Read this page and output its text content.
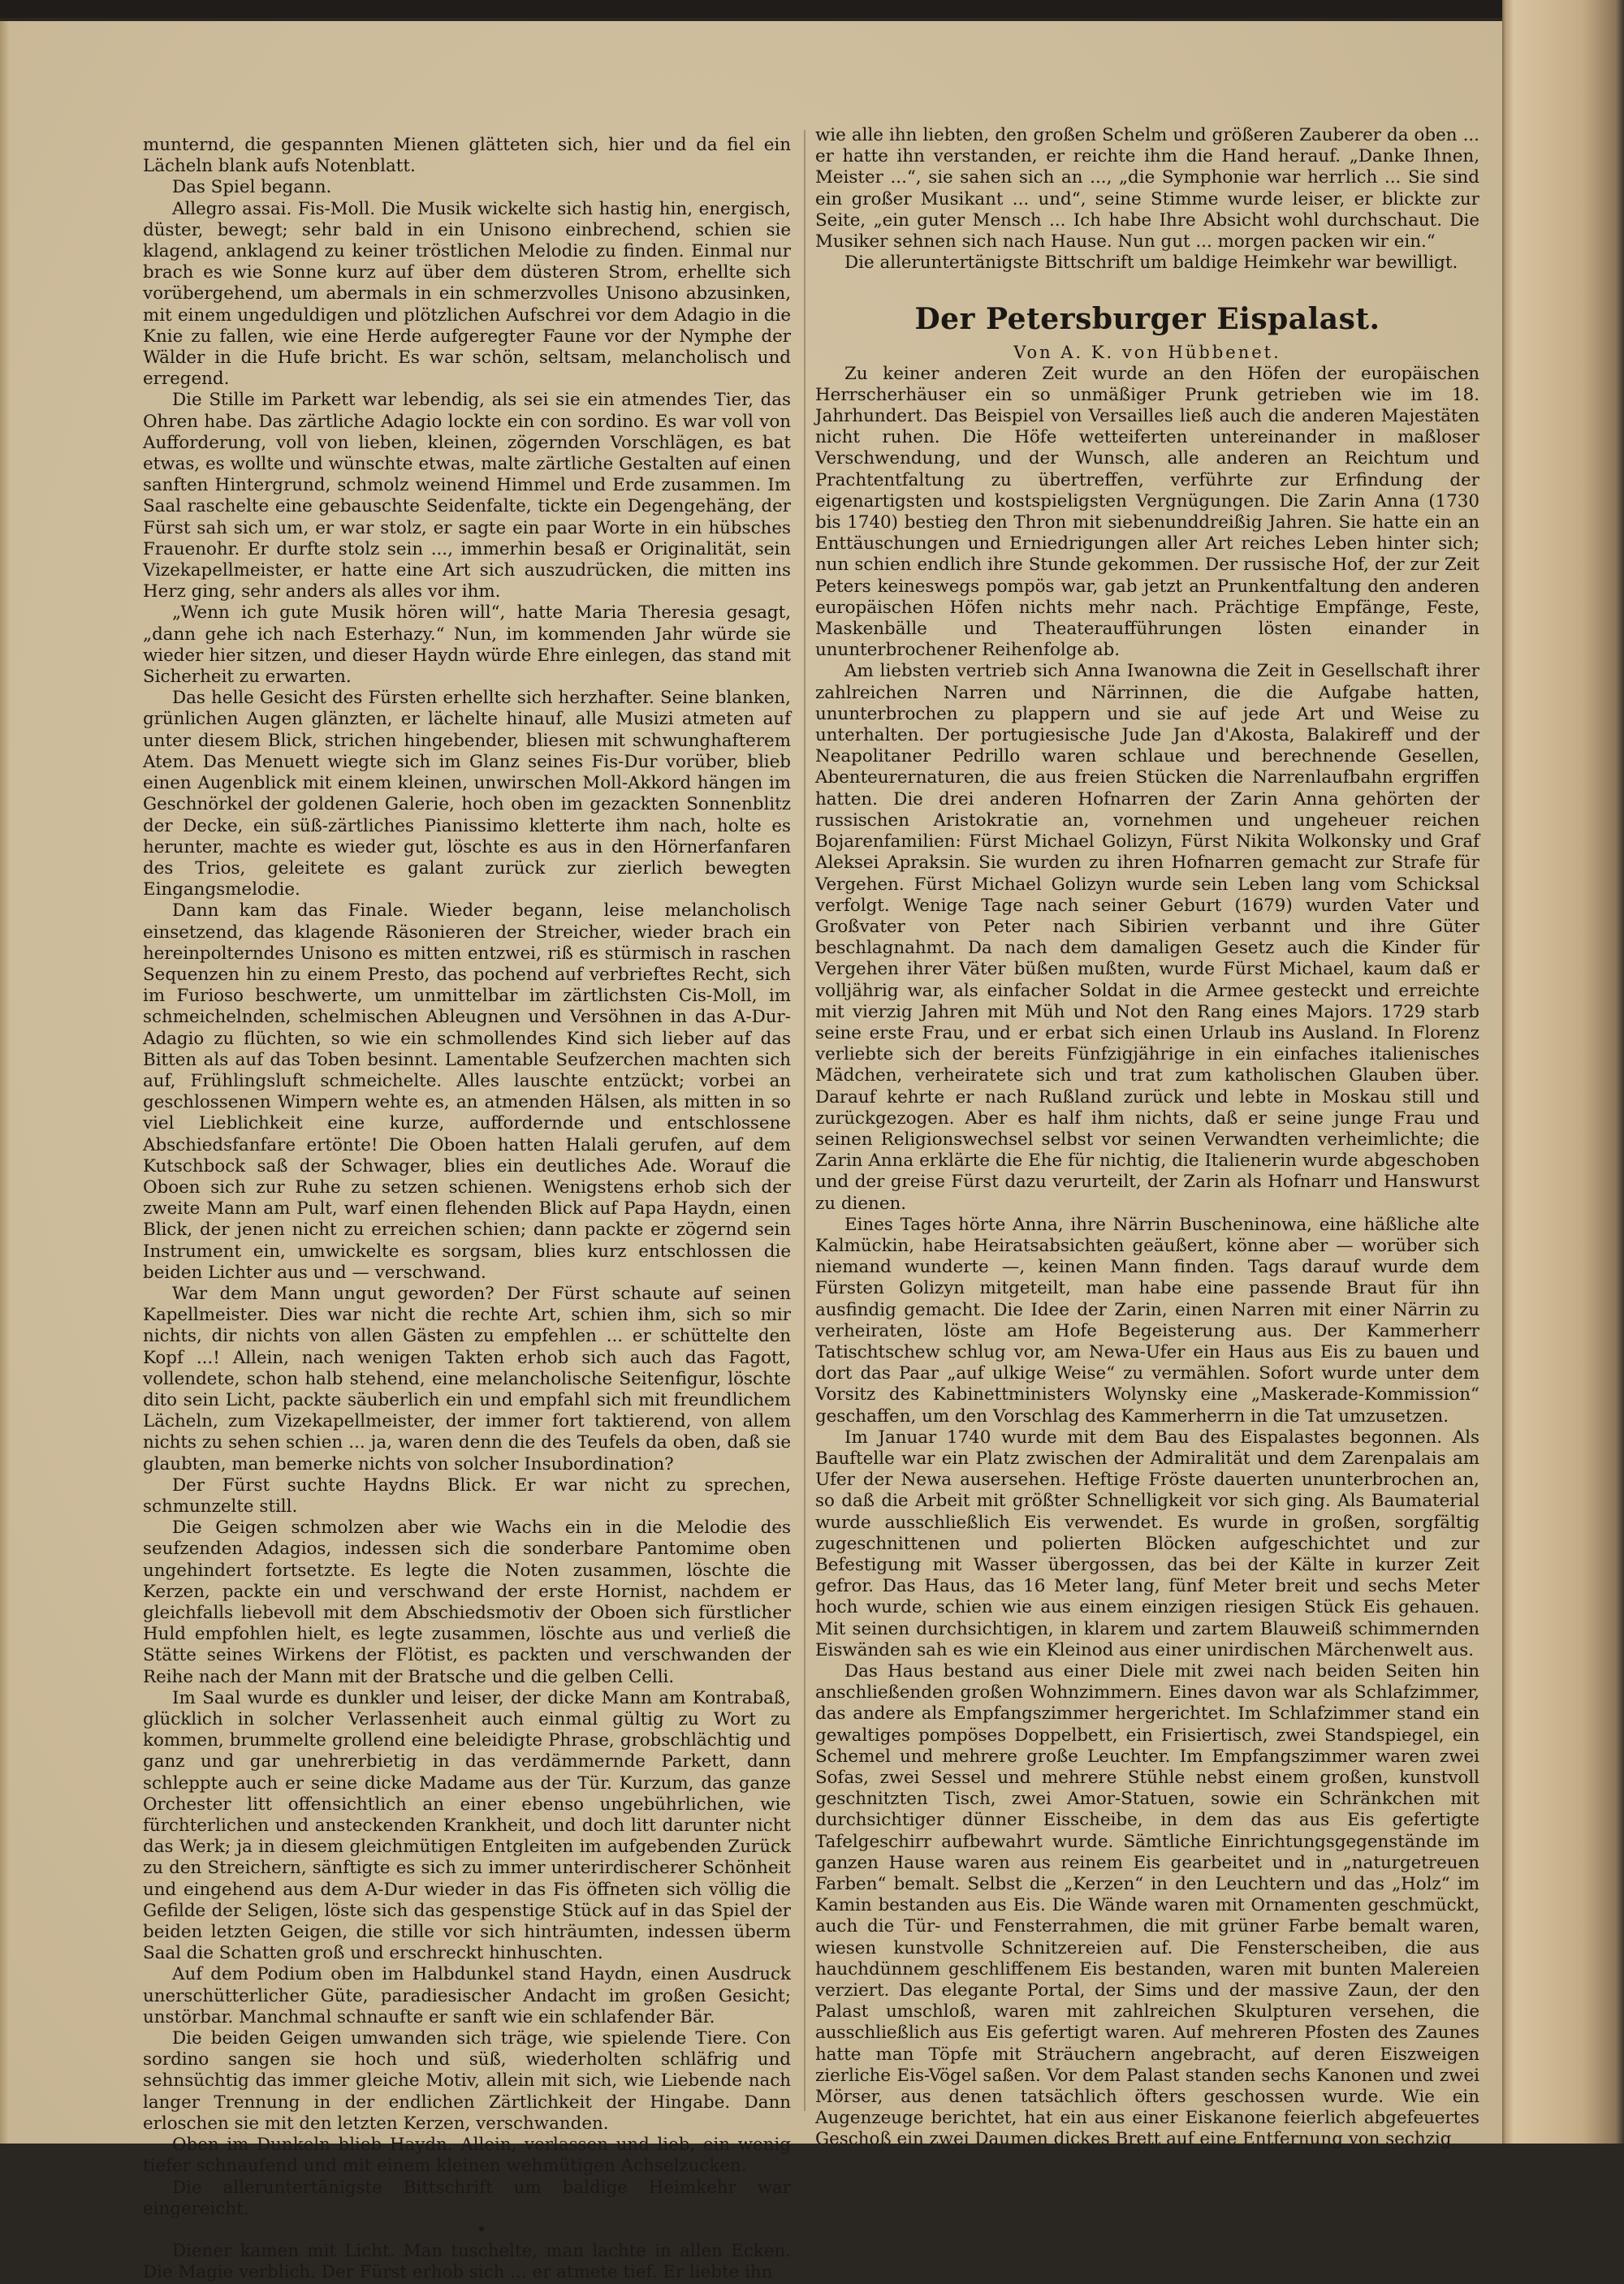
munternd, die gespannten Mienen glätteten sich, hier und da fiel ein Lächeln blank aufs Notenblatt.

Das Spiel begann.

Allegro assai. Fis-Moll. Die Musik wickelte sich hastig hin, energisch, düster, bewegt; sehr bald in ein Unisono einbrechend, schien sie klagend, anklagend zu keiner tröstlichen Melodie zu finden. Einmal nur brach es wie Sonne kurz auf über dem düsteren Strom, erhellte sich vorübergehend, um abermals in ein schmerzvolles Unisono abzusinken, mit einem ungeduldigen und plötzlichen Aufschrei vor dem Adagio in die Knie zu fallen, wie eine Herde aufgeregter Faune vor der Nymphe der Wälder in die Hufe bricht. Es war schön, seltsam, melancholisch und erregend.

Die Stille im Parkett war lebendig, als sei sie ein atmendes Tier, das Ohren habe. Das zärtliche Adagio lockte ein con sordino. Es war voll von Aufforderung, voll von lieben, kleinen, zögernden Vorschlägen, es bat etwas, es wollte und wünschte etwas, malte zärtliche Gestalten auf einen sanften Hintergrund, schmolz weinend Himmel und Erde zusammen. Im Saal raschelte eine gebauschte Seidenfalte, tickte ein Degengehäng, der Fürst sah sich um, er war stolz, er sagte ein paar Worte in ein hübsches Frauenohr. Er durfte stolz sein ..., immerhin besaß er Originalität, sein Vizekapellmeister, er hatte eine Art sich auszudrücken, die mitten ins Herz ging, sehr anders als alles vor ihm.

„Wenn ich gute Musik hören will“, hatte Maria Theresia gesagt, „dann gehe ich nach Esterhazy.“ Nun, im kommenden Jahr würde sie wieder hier sitzen, und dieser Haydn würde Ehre einlegen, das stand mit Sicherheit zu erwarten.

Das helle Gesicht des Fürsten erhellte sich herzhafter. Seine blanken, grünlichen Augen glänzten, er lächelte hinauf, alle Musizi atmeten auf unter diesem Blick, strichen hingebender, bliesen mit schwunghafterem Atem. Das Menuett wiegte sich im Glanz seines Fis-Dur vorüber, blieb einen Augenblick mit einem kleinen, unwirschen Moll-Akkord hängen im Geschnörkel der goldenen Galerie, hoch oben im gezackten Sonnenblitz der Decke, ein süß-zärtliches Pianissimo kletterte ihm nach, holte es herunter, machte es wieder gut, löschte es aus in den Hörnerfanfaren des Trios, geleitete es galant zurück zur zierlich bewegten Eingangsmelodie.

Dann kam das Finale. Wieder begann, leise melancholisch einsetzend, das klagende Räsonieren der Streicher, wieder brach ein hereinpolterndes Unisono es mitten entzwei, riß es stürmisch in raschen Sequenzen hin zu einem Presto, das pochend auf verbrieftes Recht, sich im Furioso beschwerte, um unmittelbar im zärtlichsten Cis-Moll, im schmeichelnden, schelmischen Ableugnen und Versöhnen in das A-Dur-Adagio zu flüchten, so wie ein schmollendes Kind sich lieber auf das Bitten als auf das Toben besinnt. Lamentable Seufzerchen machten sich auf, Frühlingsluft schmeichelte. Alles lauschte entzückt; vorbei an geschlossenen Wimpern wehte es, an atmenden Hälsen, als mitten in so viel Lieblichkeit eine kurze, auffordernde und entschlossene Abschiedsfanfare ertönte! Die Oboen hatten Halali gerufen, auf dem Kutschbock saß der Schwager, blies ein deutliches Ade. Worauf die Oboen sich zur Ruhe zu setzen schienen. Wenigstens erhob sich der zweite Mann am Pult, warf einen flehenden Blick auf Papa Haydn, einen Blick, der jenen nicht zu erreichen schien; dann packte er zögernd sein Instrument ein, umwickelte es sorgsam, blies kurz entschlossen die beiden Lichter aus und — verschwand.

War dem Mann ungut geworden? Der Fürst schaute auf seinen Kapellmeister. Dies war nicht die rechte Art, schien ihm, sich so mir nichts, dir nichts von allen Gästen zu empfehlen ... er schüttelte den Kopf ...! Allein, nach wenigen Takten erhob sich auch das Fagott, vollendete, schon halb stehend, eine melancholische Seitenfigur, löschte dito sein Licht, packte säuberlich ein und empfahl sich mit freundlichem Lächeln, zum Vizekapellmeister, der immer fort taktierend, von allem nichts zu sehen schien ... ja, waren denn die des Teufels da oben, daß sie glaubten, man bemerke nichts von solcher Insubordination?

Der Fürst suchte Haydns Blick. Er war nicht zu sprechen, schmunzelte still.

Die Geigen schmolzen aber wie Wachs ein in die Melodie des seufzenden Adagios, indessen sich die sonderbare Pantomime oben ungehindert fortsetzte. Es legte die Noten zusammen, löschte die Kerzen, packte ein und verschwand der erste Hornist, nachdem er gleichfalls liebevoll mit dem Abschiedsmotiv der Oboen sich fürstlicher Huld empfohlen hielt, es legte zusammen, löschte aus und verließ die Stätte seines Wirkens der Flötist, es packten und verschwanden der Reihe nach der Mann mit der Bratsche und die gelben Celli.

Im Saal wurde es dunkler und leiser, der dicke Mann am Kontrabaß, glücklich in solcher Verlassenheit auch einmal gültig zu Wort zu kommen, brummelte grollend eine beleidigte Phrase, grobschlächtig und ganz und gar unehrerbietig in das verdämmernde Parkett, dann schleppte auch er seine dicke Madame aus der Tür. Kurzum, das ganze Orchester litt offensichtlich an einer ebenso ungebührlichen, wie fürchterlichen und ansteckenden Krankheit, und doch litt darunter nicht das Werk; ja in diesem gleichmütigen Entgleiten im aufgebenden Zurück zu den Streichern, sänftigte es sich zu immer unterirdischerer Schönheit und eingehend aus dem A-Dur wieder in das Fis öffneten sich völlig die Gefilde der Seligen, löste sich das gespenstige Stück auf in das Spiel der beiden letzten Geigen, die stille vor sich hinträumten, indessen überm Saal die Schatten groß und erschreckt hinhuschten.

Auf dem Podium oben im Halbdunkel stand Haydn, einen Ausdruck unerschütterlicher Güte, paradiesischer Andacht im großen Gesicht; unstörbar. Manchmal schnaufte er sanft wie ein schlafender Bär.

Die beiden Geigen umwanden sich träge, wie spielende Tiere. Con sordino sangen sie hoch und süß, wiederholten schläfrig und sehnsüchtig das immer gleiche Motiv, allein mit sich, wie Liebende nach langer Trennung in der endlichen Zärtlichkeit der Hingabe. Dann erloschen sie mit den letzten Kerzen, verschwanden.

Oben im Dunkeln blieb Haydn. Allein, verlassen und lieb, ein wenig tiefer schnaufend und mit einem kleinen wehmütigen Achselzucken.

Die alleruntertänigste Bittschrift um baldige Heimkehr war eingereicht.

•

Diener kamen mit Licht. Man tuschelte, man lachte in allen Ecken. Die Magie verblich. Der Fürst erhob sich ... er atmete tief. Er liebte ihn

wie alle ihn liebten, den großen Schelm und größeren Zauberer da oben ... er hatte ihn verstanden, er reichte ihm die Hand herauf. „Danke Ihnen, Meister ...“, sie sahen sich an ..., „die Symphonie war herrlich ... Sie sind ein großer Musikant ... und“, seine Stimme wurde leiser, er blickte zur Seite, „ein guter Mensch ... Ich habe Ihre Absicht wohl durchschaut. Die Musiker sehnen sich nach Hause. Nun gut ... morgen packen wir ein.“

Die alleruntertänigste Bittschrift um baldige Heimkehr war bewilligt.

Der Petersburger Eispalast.

Von A. K. von Hübbenet.

Zu keiner anderen Zeit wurde an den Höfen der europäischen Herrscherhäuser ein so unmäßiger Prunk getrieben wie im 18. Jahrhundert. Das Beispiel von Versailles ließ auch die anderen Majestäten nicht ruhen. Die Höfe wetteiferten untereinander in maßloser Verschwendung, und der Wunsch, alle anderen an Reichtum und Prachtentfaltung zu übertreffen, verführte zur Erfindung der eigenartigsten und kostspieligsten Vergnügungen. Die Zarin Anna (1730 bis 1740) bestieg den Thron mit siebenunddreißig Jahren. Sie hatte ein an Enttäuschungen und Erniedrigungen aller Art reiches Leben hinter sich; nun schien endlich ihre Stunde gekommen. Der russische Hof, der zur Zeit Peters keineswegs pompös war, gab jetzt an Prunkentfaltung den anderen europäischen Höfen nichts mehr nach. Prächtige Empfänge, Feste, Maskenbälle und Theateraufführungen lösten einander in ununterbrochener Reihenfolge ab.

Am liebsten vertrieb sich Anna Iwanowna die Zeit in Gesellschaft ihrer zahlreichen Narren und Närrinnen, die die Aufgabe hatten, ununterbrochen zu plappern und sie auf jede Art und Weise zu unterhalten. Der portugiesische Jude Jan d'Akosta, Balakireff und der Neapolitaner Pedrillo waren schlaue und berechnende Gesellen, Abenteurernaturen, die aus freien Stücken die Narrenlaufbahn ergriffen hatten. Die drei anderen Hofnarren der Zarin Anna gehörten der russischen Aristokratie an, vornehmen und ungeheuer reichen Bojarenfamilien: Fürst Michael Golizyn, Fürst Nikita Wolkonsky und Graf Aleksei Apraksin. Sie wurden zu ihren Hofnarren gemacht zur Strafe für Vergehen. Fürst Michael Golizyn wurde sein Leben lang vom Schicksal verfolgt. Wenige Tage nach seiner Geburt (1679) wurden Vater und Großvater von Peter nach Sibirien verbannt und ihre Güter beschlagnahmt. Da nach dem damaligen Gesetz auch die Kinder für Vergehen ihrer Väter büßen mußten, wurde Fürst Michael, kaum daß er volljährig war, als einfacher Soldat in die Armee gesteckt und erreichte mit vierzig Jahren mit Müh und Not den Rang eines Majors. 1729 starb seine erste Frau, und er erbat sich einen Urlaub ins Ausland. In Florenz verliebte sich der bereits Fünfzigjährige in ein einfaches italienisches Mädchen, verheiratete sich und trat zum katholischen Glauben über. Darauf kehrte er nach Rußland zurück und lebte in Moskau still und zurückgezogen. Aber es half ihm nichts, daß er seine junge Frau und seinen Religionswechsel selbst vor seinen Verwandten verheimlichte; die Zarin Anna erklärte die Ehe für nichtig, die Italienerin wurde abgeschoben und der greise Fürst dazu verurteilt, der Zarin als Hofnarr und Hanswurst zu dienen.

Eines Tages hörte Anna, ihre Närrin Buscheninowa, eine häßliche alte Kalmückin, habe Heiratsabsichten geäußert, könne aber — worüber sich niemand wunderte —, keinen Mann finden. Tags darauf wurde dem Fürsten Golizyn mitgeteilt, man habe eine passende Braut für ihn ausfindig gemacht. Die Idee der Zarin, einen Narren mit einer Närrin zu verheiraten, löste am Hofe Begeisterung aus. Der Kammerherr Tatischtschew schlug vor, am Newa-Ufer ein Haus aus Eis zu bauen und dort das Paar „auf ulkige Weise“ zu vermählen. Sofort wurde unter dem Vorsitz des Kabinettministers Wolynsky eine „Maskerade-Kommission“ geschaffen, um den Vorschlag des Kammerherrn in die Tat umzusetzen.

Im Januar 1740 wurde mit dem Bau des Eispalastes begonnen. Als Bauftelle war ein Platz zwischen der Admiralität und dem Zarenpalais am Ufer der Newa ausersehen. Heftige Fröste dauerten ununterbrochen an, so daß die Arbeit mit größter Schnelligkeit vor sich ging. Als Baumaterial wurde ausschließlich Eis verwendet. Es wurde in großen, sorgfältig zugeschnittenen und polierten Blöcken aufgeschichtet und zur Befestigung mit Wasser übergossen, das bei der Kälte in kurzer Zeit gefror. Das Haus, das 16 Meter lang, fünf Meter breit und sechs Meter hoch wurde, schien wie aus einem einzigen riesigen Stück Eis gehauen. Mit seinen durchsichtigen, in klarem und zartem Blauweiß schimmernden Eiswänden sah es wie ein Kleinod aus einer unirdischen Märchenwelt aus.

Das Haus bestand aus einer Diele mit zwei nach beiden Seiten hin anschließenden großen Wohnzimmern. Eines davon war als Schlafzimmer, das andere als Empfangszimmer hergerichtet. Im Schlafzimmer stand ein gewaltiges pompöses Doppelbett, ein Frisiertisch, zwei Standspiegel, ein Schemel und mehrere große Leuchter. Im Empfangszimmer waren zwei Sofas, zwei Sessel und mehrere Stühle nebst einem großen, kunstvoll geschnitzten Tisch, zwei Amor-Statuen, sowie ein Schränkchen mit durchsichtiger dünner Eisscheibe, in dem das aus Eis gefertigte Tafelgeschirr aufbewahrt wurde. Sämtliche Einrichtungsgegenstände im ganzen Hause waren aus reinem Eis gearbeitet und in „naturgetreuen Farben“ bemalt. Selbst die „Kerzen“ in den Leuchtern und das „Holz“ im Kamin bestanden aus Eis. Die Wände waren mit Ornamenten geschmückt, auch die Tür- und Fensterrahmen, die mit grüner Farbe bemalt waren, wiesen kunstvolle Schnitzereien auf. Die Fensterscheiben, die aus hauchdünnem geschliffenem Eis bestanden, waren mit bunten Malereien verziert. Das elegante Portal, der Sims und der massive Zaun, der den Palast umschloß, waren mit zahlreichen Skulpturen versehen, die ausschließlich aus Eis gefertigt waren. Auf mehreren Pfosten des Zaunes hatte man Töpfe mit Sträuchern angebracht, auf deren Eiszweigen zierliche Eis-Vögel saßen. Vor dem Palast standen sechs Kanonen und zwei Mörser, aus denen tatsächlich öfters geschossen wurde. Wie ein Augenzeuge berichtet, hat ein aus einer Eiskanone feierlich abgefeuertes Geschoß ein zwei Daumen dickes Brett auf eine Entfernung von sechzig
